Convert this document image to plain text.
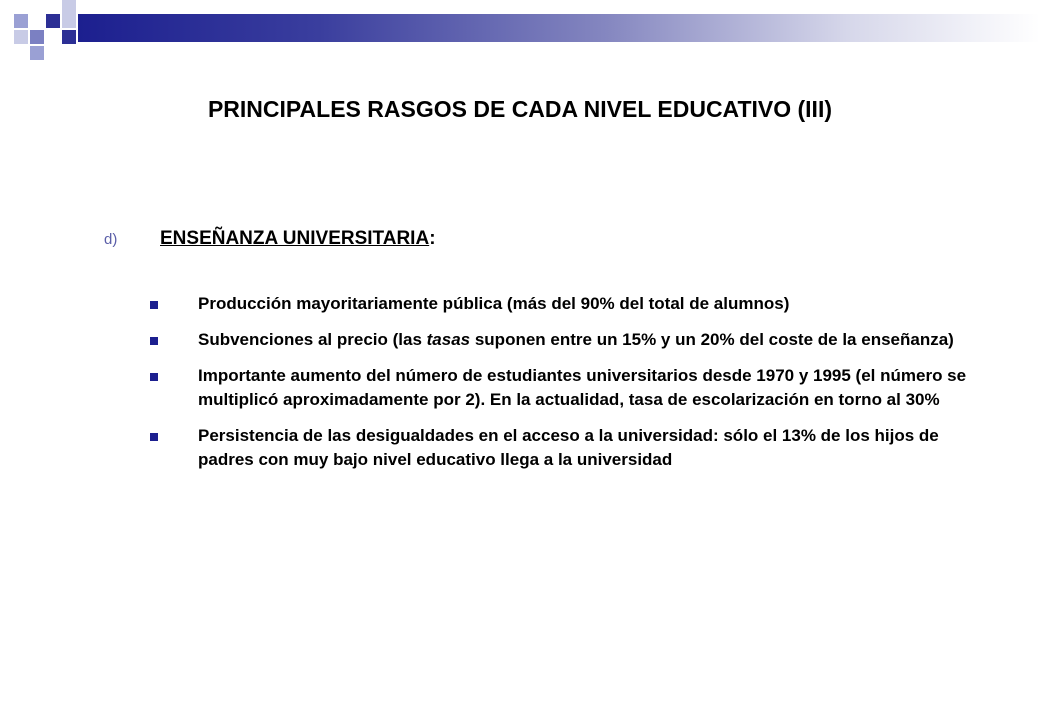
PRINCIPALES RASGOS DE CADA NIVEL EDUCATIVO (III)
d)	ENSEÑANZA UNIVERSITARIA:
Producción mayoritariamente pública (más del 90% del total de alumnos)
Subvenciones al precio (las tasas suponen entre un 15% y un 20% del coste de la enseñanza)
Importante aumento del número de estudiantes universitarios desde 1970 y 1995 (el número se multiplicó aproximadamente por 2). En la actualidad, tasa de escolarización en torno al 30%
Persistencia de las desigualdades en el acceso a la universidad: sólo el 13% de los hijos de padres con muy bajo nivel educativo llega a la universidad
